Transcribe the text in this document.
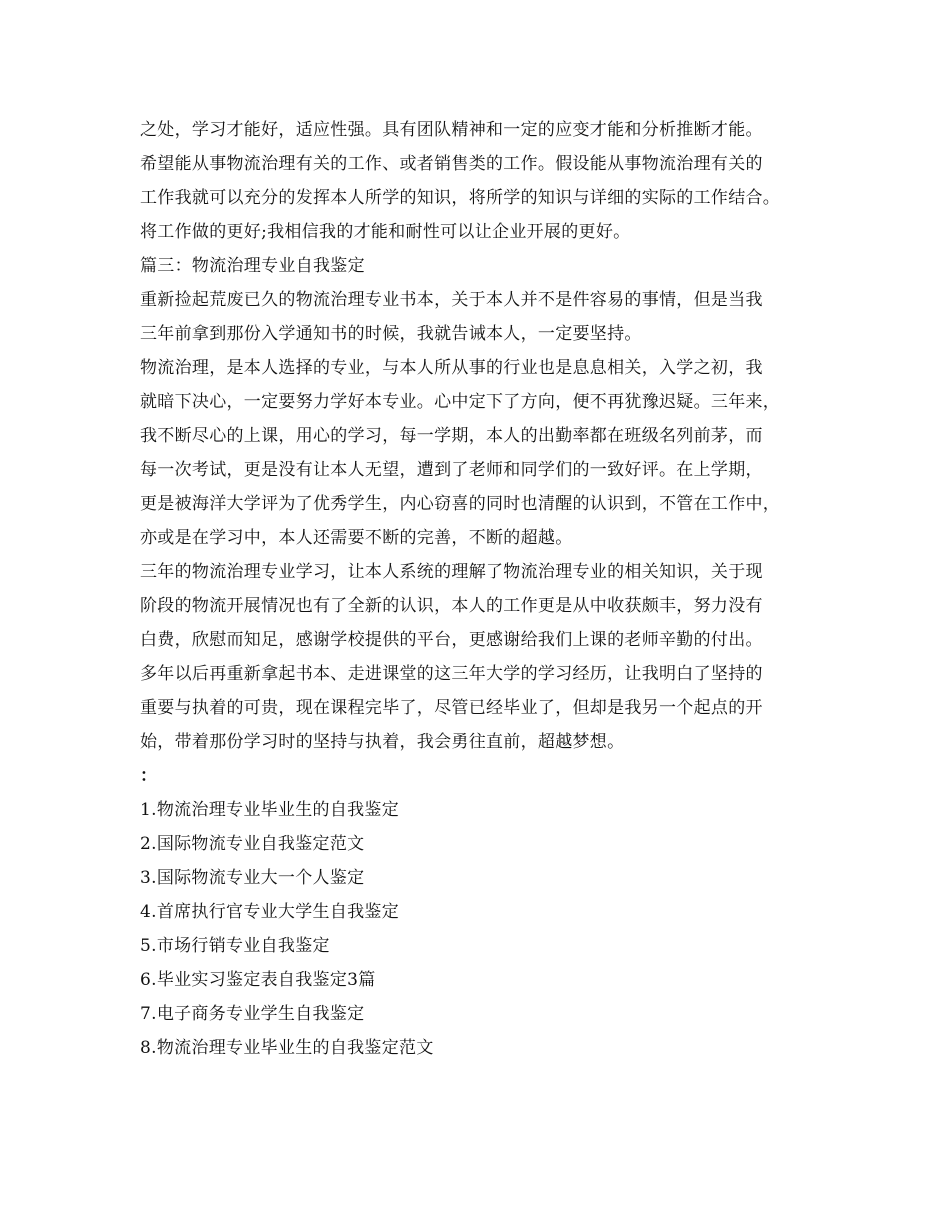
之处，学习才能好，适应性强。具有团队精神和一定的应变才能和分析推断才能。
希望能从事物流治理有关的工作、或者销售类的工作。假设能从事物流治理有关的
工作我就可以充分的发挥本人所学的知识，将所学的知识与详细的实际的工作结合。
将工作做的更好;我相信我的才能和耐性可以让企业开展的更好。
篇三：物流治理专业自我鉴定
重新捡起荒废已久的物流治理专业书本，关于本人并不是件容易的事情，但是当我
三年前拿到那份入学通知书的时候，我就告诫本人，一定要坚持。
物流治理，是本人选择的专业，与本人所从事的行业也是息息相关，入学之初，我
就暗下决心，一定要努力学好本专业。心中定下了方向，便不再犹豫迟疑。三年来，
我不断尽心的上课，用心的学习，每一学期，本人的出勤率都在班级名列前茅，而
每一次考试，更是没有让本人无望，遭到了老师和同学们的一致好评。在上学期，
更是被海洋大学评为了优秀学生，内心窃喜的同时也清醒的认识到，不管在工作中，
亦或是在学习中，本人还需要不断的完善，不断的超越。
三年的物流治理专业学习，让本人系统的理解了物流治理专业的相关知识，关于现
阶段的物流开展情况也有了全新的认识，本人的工作更是从中收获颇丰，努力没有
白费，欣慰而知足，感谢学校提供的平台，更感谢给我们上课的老师辛勤的付出。
多年以后再重新拿起书本、走进课堂的这三年大学的学习经历，让我明白了坚持的
重要与执着的可贵，现在课程完毕了，尽管已经毕业了，但却是我另一个起点的开
始，带着那份学习时的坚持与执着，我会勇往直前，超越梦想。
：
1.物流治理专业毕业生的自我鉴定
2.国际物流专业自我鉴定范文
3.国际物流专业大一个人鉴定
4.首席执行官专业大学生自我鉴定
5.市场行销专业自我鉴定
6.毕业实习鉴定表自我鉴定3篇
7.电子商务专业学生自我鉴定
8.物流治理专业毕业生的自我鉴定范文
